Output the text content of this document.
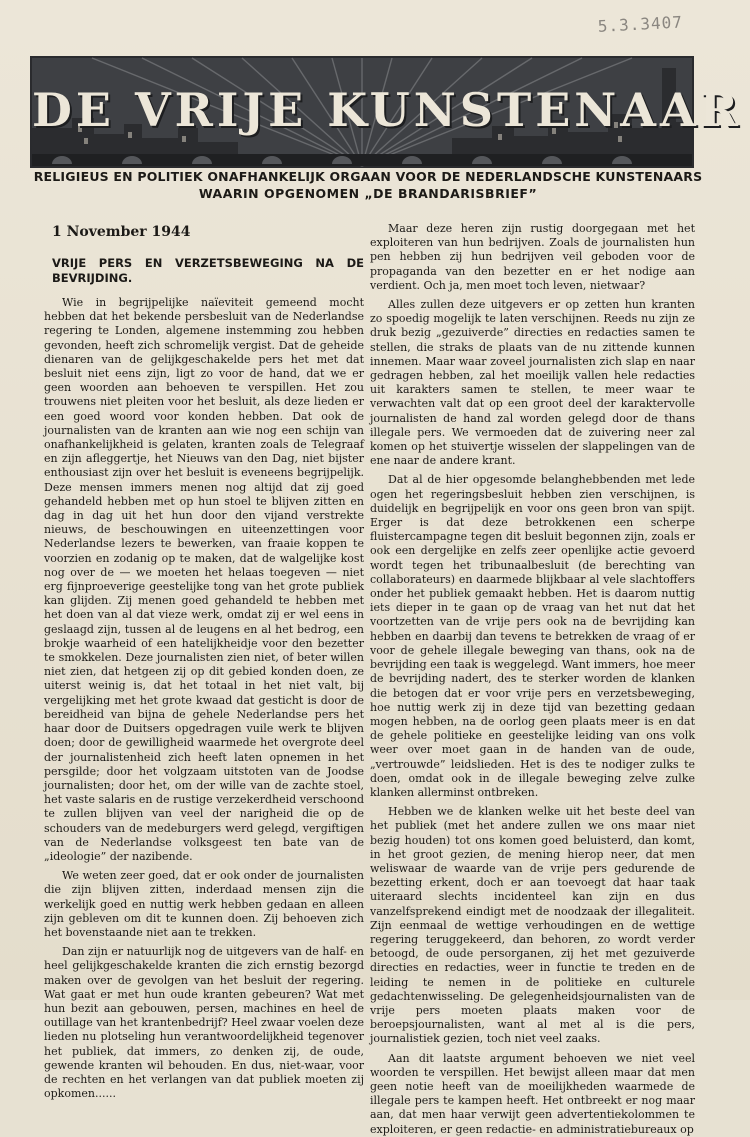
5.3.3407
DE VRIJE KUNSTENAAR
RELIGIEUS EN POLITIEK ONAFHANKELIJK ORGAAN VOOR DE NEDERLANDSCHE KUNSTENAARS
WAARIN OPGENOMEN „DE BRANDARISBRIEF”
1 November 1944
VRIJE PERS EN VERZETSBEWEGING NA DE BEVRIJDING.

Wie in begrijpelijke naïeviteit gemeend mocht hebben dat het bekende persbesluit van de Nederlandse regering te Londen, algemene instemming zou hebben gevonden, heeft zich schromelijk vergist. Dat de geheide dienaren van de gelijkgeschakelde pers het met dat besluit niet eens zijn, ligt zo voor de hand, dat we er geen woorden aan behoeven te verspillen. Het zou trouwens niet pleiten voor het besluit, als deze lieden er een goed woord voor konden hebben. Dat ook de journalisten van de kranten aan wie nog een schijn van onafhankelijkheid is gelaten, kranten zoals de Telegraaf en zijn afleggertje, het Nieuws van den Dag, niet bijster enthousiast zijn over het besluit is eveneens begrijpelijk. Deze mensen immers menen nog altijd dat zij goed gehandeld hebben met op hun stoel te blijven zitten en dag in dag uit het hun door den vijand verstrekte nieuws, de beschouwingen en uiteenzettingen voor Nederlandse lezers te bewerken, van fraaie koppen te voorzien en zodanig op te maken, dat de walgelijke kost nog over de — we moeten het helaas toegeven — niet erg fijnproeverige geestelijke tong van het grote publiek kan glijden. Zij menen goed gehandeld te hebben met het doen van al dat vieze werk, omdat zij er wel eens in geslaagd zijn, tussen al de leugens en al het bedrog, een brokje waarheid of een hatelijkheidje voor den bezetter te smokkelen. Deze journalisten zien niet, of beter willen niet zien, dat hetgeen zij op dit gebied konden doen, ze uiterst weinig is, dat het totaal in het niet valt, bij vergelijking met het grote kwaad dat gesticht is door de bereidheid van bijna de gehele Nederlandse pers het haar door de Duitsers opgedragen vuile werk te blijven doen; door de gewilligheid waarmede het overgrote deel der journalistenheid zich heeft laten opnemen in het persgilde; door het volgzaam uitstoten van de Joodse journalisten; door het, om der wille van de zachte stoel, het vaste salaris en de rustige verzekerdheid verschoond te zullen blijven van veel der narigheid die op de schouders van de medeburgers werd gelegd, vergiftigen van de Nederlandse volksgeest ten bate van de „ideologie” der nazibende.

We weten zeer goed, dat er ook onder de journalisten die zijn blijven zitten, inderdaad mensen zijn die werkelijk goed en nuttig werk hebben gedaan en alleen zijn gebleven om dit te kunnen doen. Zij behoeven zich het bovenstaande niet aan te trekken.

Dan zijn er natuurlijk nog de uitgevers van de half- en heel gelijkgeschakelde kranten die zich ernstig bezorgd maken over de gevolgen van het besluit der regering. Wat gaat er met hun oude kranten gebeuren? Wat met hun bezit aan gebouwen, persen, machines en heel de outillage van het krantenbedrijf? Heel zwaar voelen deze lieden nu plotseling hun verantwoordelijkheid tegenover het publiek, dat immers, zo denken zij, de oude, gewende kranten wil behouden. En dus, niet-waar, voor de rechten en het verlangen van dat publiek moeten zij opkomen......

Maar deze heren zijn rustig doorgegaan met het exploiteren van hun bedrijven. Zoals de journalisten hun pen hebben zij hun bedrijven veil geboden voor de propaganda van den bezetter en er het nodige aan verdient. Och ja, men moet toch leven, nietwaar?

Alles zullen deze uitgevers er op zetten hun kranten zo spoedig mogelijk te laten verschijnen. Reeds nu zijn ze druk bezig „gezuiverde” directies en redacties samen te stellen, die straks de plaats van de nu zittende kunnen innemen. Maar waar zoveel journalisten zich slap en naar gedragen hebben, zal het moeilijk vallen hele redacties uit karakters samen te stellen, te meer waar te verwachten valt dat op een groot deel der karaktervolle journalisten de hand zal worden gelegd door de thans illegale pers. We vermoeden dat de zuivering neer zal komen op het stuivertje wisselen der slappelingen van de ene naar de andere krant.

Dat al de hier opgesomde belanghebbenden met lede ogen het regeringsbesluit hebben zien verschijnen, is duidelijk en begrijpelijk en voor ons geen bron van spijt. Erger is dat deze betrokkenen een scherpe fluistercampagne tegen dit besluit begonnen zijn, zoals er ook een dergelijke en zelfs zeer openlijke actie gevoerd wordt tegen het tribunaalbesluit (de berechting van collaborateurs) en daarmede blijkbaar al vele slachtoffers onder het publiek gemaakt hebben. Het is daarom nuttig iets dieper in te gaan op de vraag van het nut dat het voortzetten van de vrije pers ook na de bevrijding kan hebben en daarbij dan tevens te betrekken de vraag of er voor de gehele illegale beweging van thans, ook na de bevrijding een taak is weggelegd. Want immers, hoe meer de bevrijding nadert, des te sterker worden de klanken die betogen dat er voor vrije pers en verzetsbeweging, hoe nuttig werk zij in deze tijd van bezetting gedaan mogen hebben, na de oorlog geen plaats meer is en dat de gehele politieke en geestelijke leiding van ons volk weer over moet gaan in de handen van de oude, „vertrouwde” leidslieden. Het is des te nodiger zulks te doen, omdat ook in de illegale beweging zelve zulke klanken allerminst ontbreken.

Hebben we de klanken welke uit het beste deel van het publiek (met het andere zullen we ons maar niet bezig houden) tot ons komen goed beluisterd, dan komt, in het groot gezien, de mening hierop neer, dat men weliswaar de waarde van de vrije pers gedurende de bezetting erkent, doch er aan toevoegt dat haar taak uiteraard slechts incidenteel kan zijn en dus vanzelfsprekend eindigt met de noodzaak der illegaliteit. Zijn eenmaal de wettige verhoudingen en de wettige regering teruggekeerd, dan behoren, zo wordt verder betoogd, de oude persorganen, zij het met gezuiverde directies en redacties, weer in functie te treden en de leiding te nemen in de politieke en culturele gedachtenwisseling. De gelegenheidsjournalisten van de vrije pers moeten plaats maken voor de beroepsjournalisten, want al met al is die pers, journalistiek gezien, toch niet veel zaaks.

Aan dit laatste argument behoeven we niet veel woorden te verspillen. Het bewijst alleen maar dat men geen notie heeft van de moeilijkheden waarmede de illegale pers te kampen heeft. Het ontbreekt er nog maar aan, dat men haar verwijt geen advertentiekolommen te exploiteren, er geen redactie- en administratiebureaux op
